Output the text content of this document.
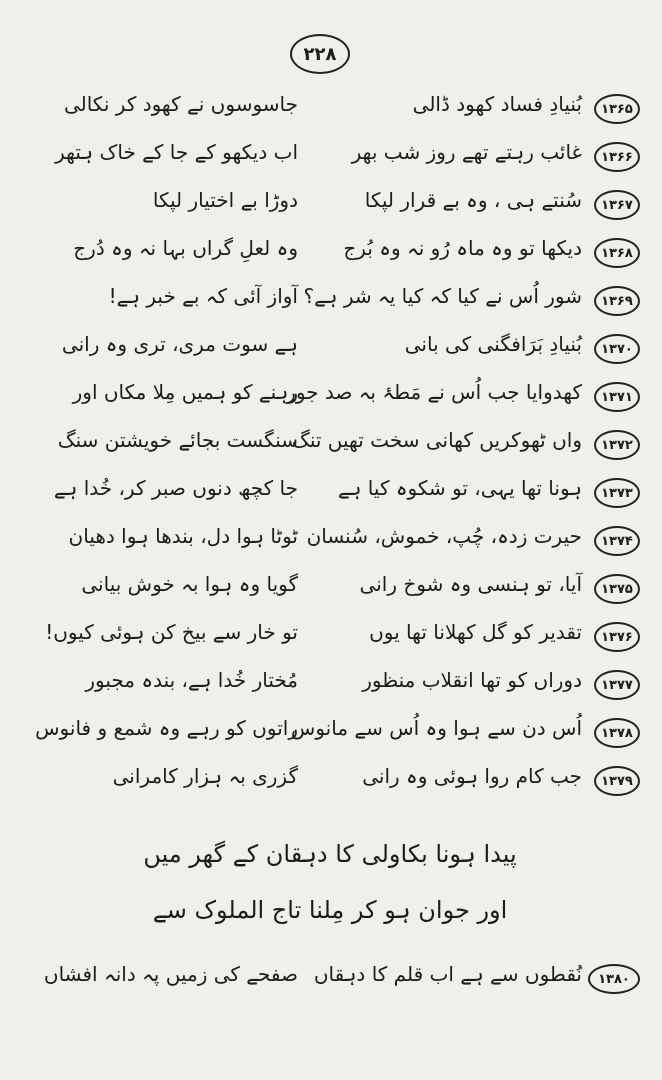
۲۲۸
۱۳۶۵
بُنیادِ فساد کھود ڈالی
جاسوسوں نے کھود کر نکالی
۱۳۶۶
غائب رہتے تھے روز شب بھر
اب دیکھو کے جا کے خاک ہتھر
۱۳۶۷
سُنتے ہی ، وہ بے قرار لپکا
دوڑا بے اختیار لپکا
۱۳۶۸
دیکھا تو وہ ماہ رُو نہ وہ بُرج
وہ لعلِ گراں بہا نہ وہ دُرج
۱۳۶۹
شور اُس نے کیا کہ کیا یہ شر ہے؟
آواز آئی کہ بے خبر ہے!
۱۳۷۰
بُنیادِ بَرَافگنی کی بانی
ہے سوت مری، تری وہ رانی
۱۳۷۱
کھدوایا جب اُس نے مَطۂ بہ صد جور
رہنے کو ہمیں مِلا مکاں اور
۱۳۷۲
واں ٹھوکریں کھانی سخت تھیں تنگ
سنگست بجائے خویشتن سنگ
۱۳۷۳
ہونا تھا یہی، تو شکوہ کیا ہے
جا کچھ دنوں صبر کر، خُدا ہے
۱۳۷۴
حیرت زدہ، چُپ، خموش، سُنسان
ٹوٹا ہوا دل، بندھا ہوا دھیان
۱۳۷۵
آیا، تو ہنسی وہ شوخ رانی
گویا وہ ہوا بہ خوش بیانی
۱۳۷۶
تقدیر کو گل کھلانا تھا یوں
تو خار سے بیخ کن ہوئی کیوں!
۱۳۷۷
دوراں کو تھا انقلاب منظور
مُختار خُدا ہے، بندہ مجبور
۱۳۷۸
اُس دن سے ہوا وہ اُس سے مانوس
راتوں کو رہے وہ شمع و فانوس
۱۳۷۹
جب کام روا ہوئی وہ رانی
گزری بہ ہزار کامرانی
پیدا ہونا بکاولی کا دہقان کے گھر میں
اور جوان ہو کر مِلنا تاج الملوک سے
۱۳۸۰
نُقطوں سے ہے اب قلم کا دہقاں
صفحے کی زمیں پہ دانہ افشاں
